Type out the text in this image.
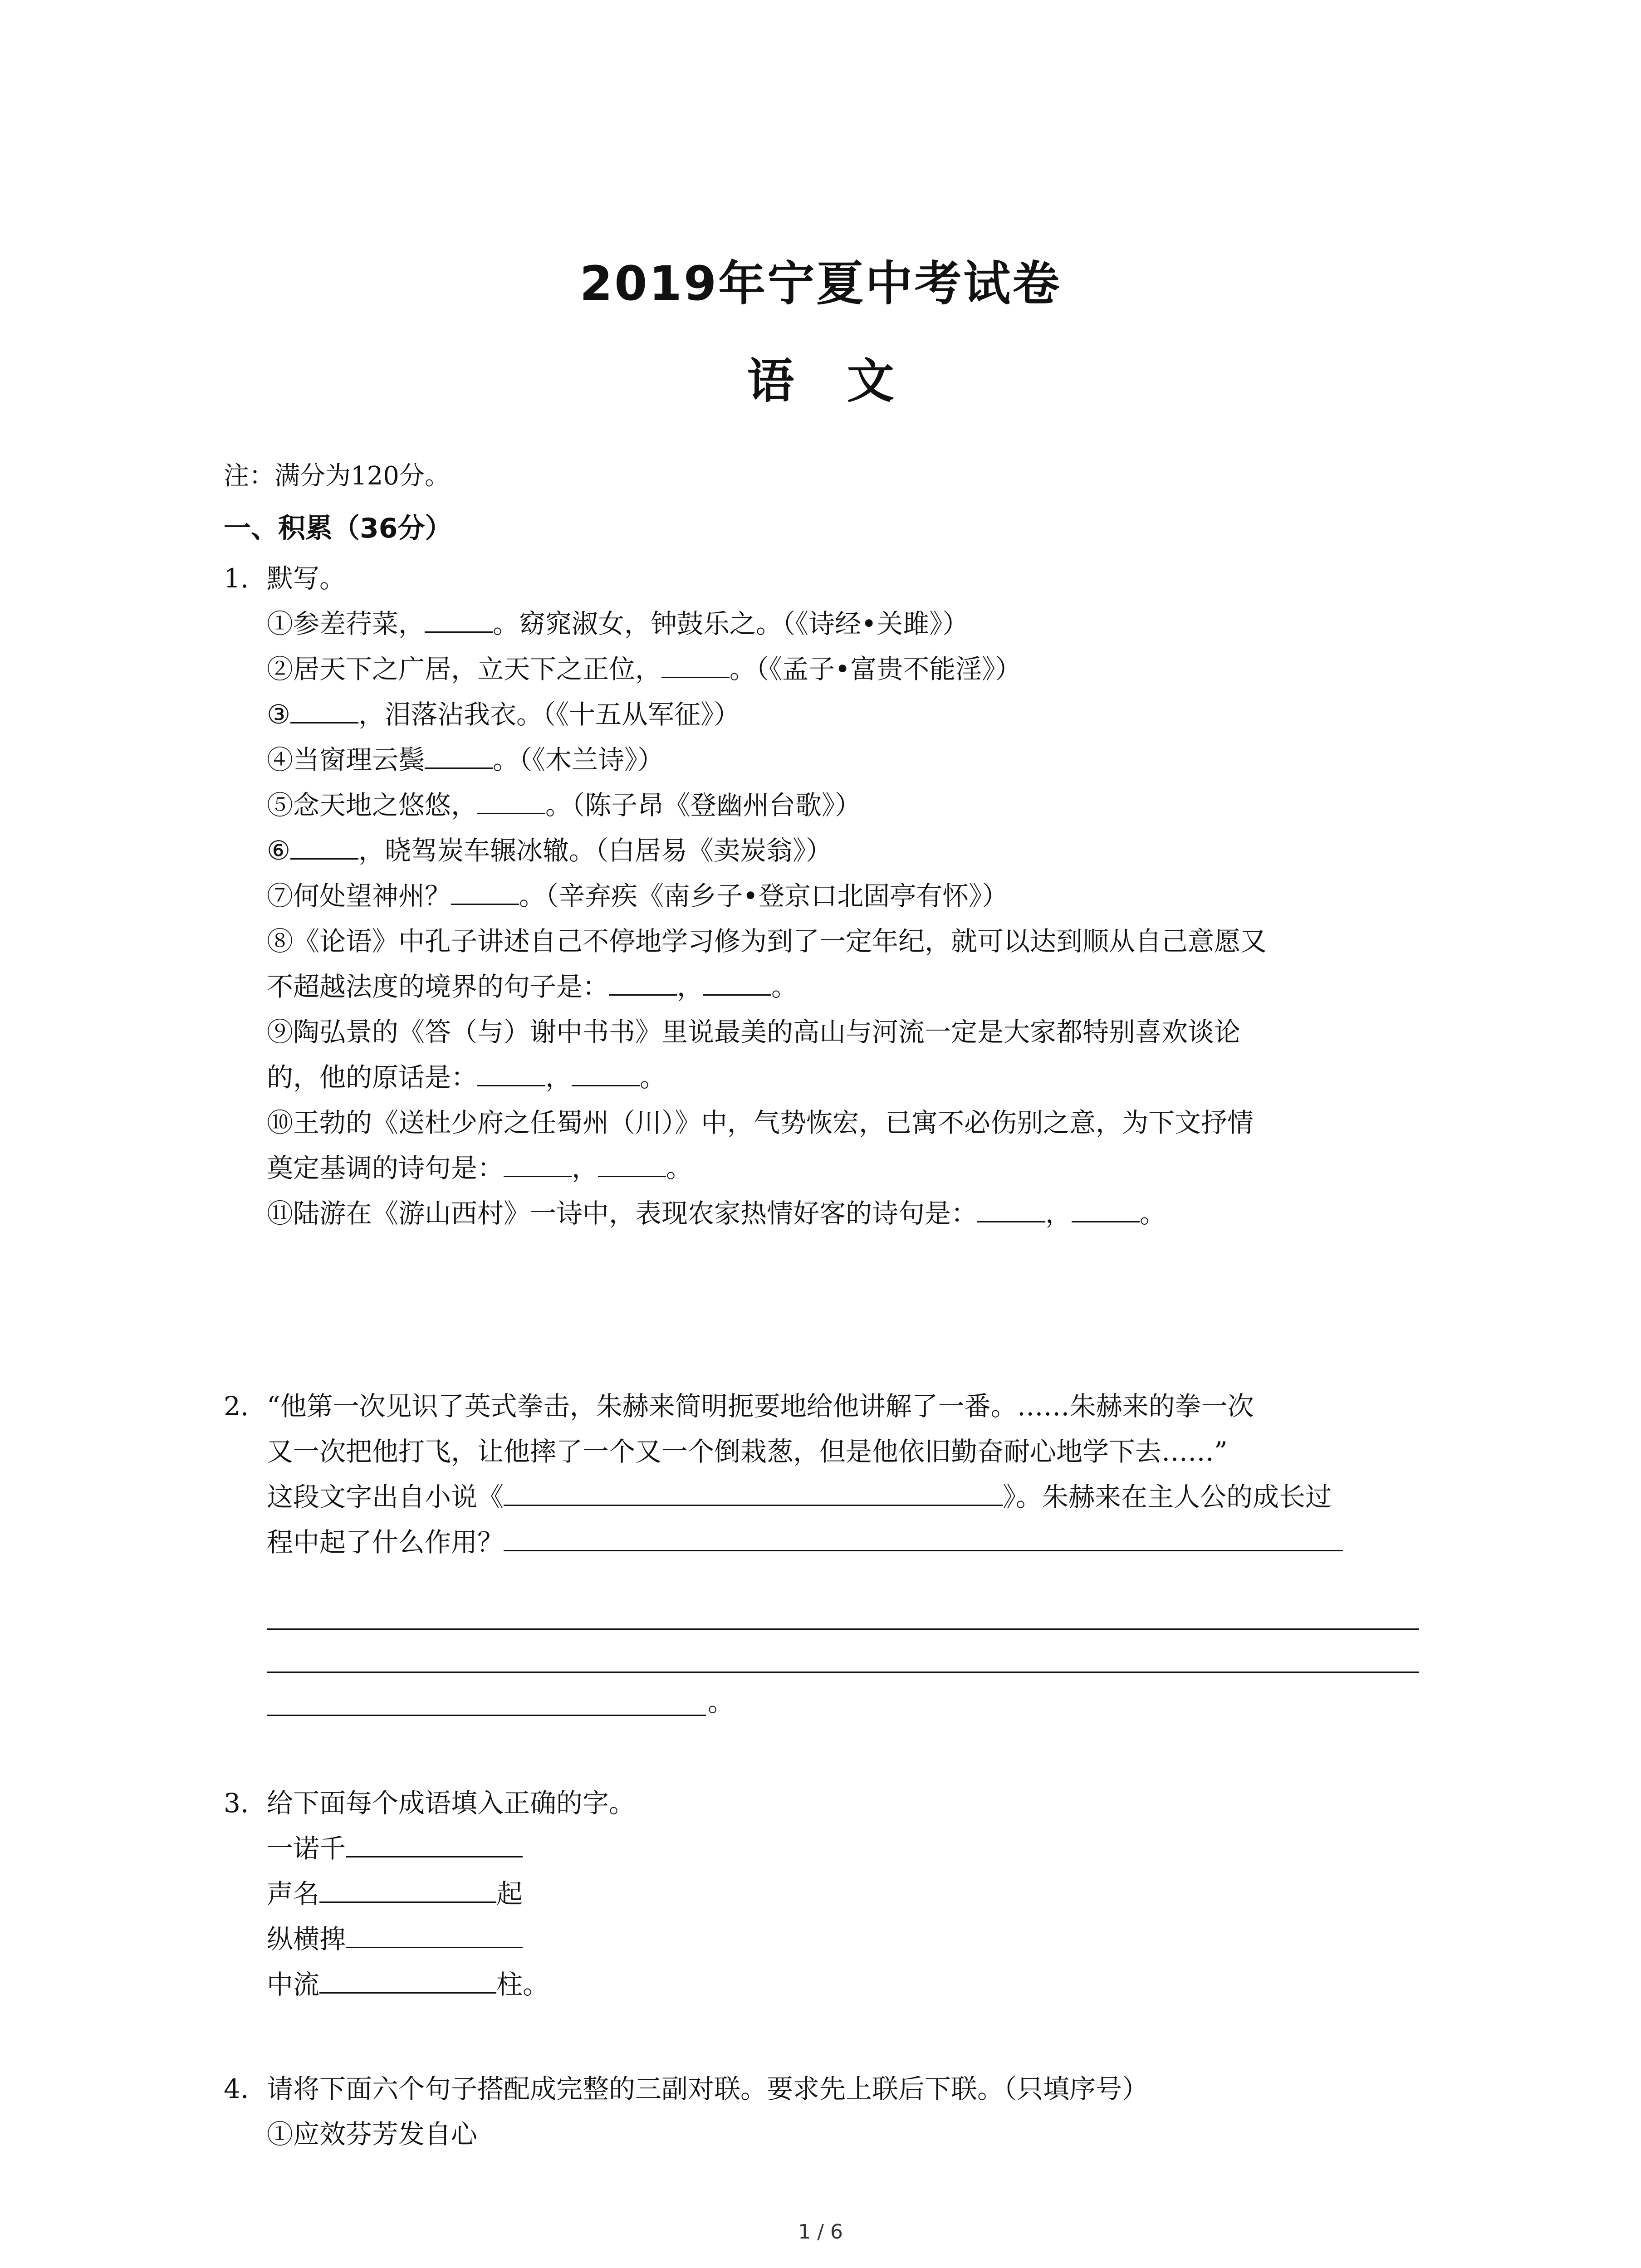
2019年宁夏中考试卷
语 文
注：满分为120分。
一、积累（36分）
1. 默写。
①参差荇菜，	。窈窕淑女，钟鼓乐之。（《诗经•关雎》）
②居天下之广居，立天下之正位，	。（《孟子•富贵不能淫》）
③	，泪落沾我衣。（《十五从军征》）
④当窗理云鬓	。（《木兰诗》）
⑤念天地之悠悠，	。（陈子昂《登幽州台歌》）
⑥	，晓驾炭车辗冰辙。（白居易《卖炭翁》）
⑦何处望神州？	。（辛弃疾《南乡子•登京口北固亭有怀》）
⑧《论语》中孔子讲述自己不停地学习修为到了一定年纪，就可以达到顺从自己意愿又
不超越法度的境界的句子是：	，	。
⑨陶弘景的《答（与）谢中书书》里说最美的高山与河流一定是大家都特别喜欢谈论
的，他的原话是：	，	。
⑩王勃的《送杜少府之任蜀州（川）》中，气势恢宏，已寓不必伤别之意，为下文抒情
奠定基调的诗句是：	，	。
⑪陆游在《游山西村》一诗中，表现农家热情好客的诗句是：	，	。
2. “他第一次见识了英式拳击，朱赫来简明扼要地给他讲解了一番。……朱赫来的拳一次
又一次把他打飞，让他摔了一个又一个倒栽葱，但是他依旧勤奋耐心地学下去……”
这段文字出自小说《	》。朱赫来在主人公的成长过
程中起了什么作用？
。
3. 给下面每个成语填入正确的字。
一诺千
声名	起
纵横捭
中流	柱。
4. 请将下面六个句子搭配成完整的三副对联。要求先上联后下联。（只填序号）
①应效芬芳发自心
1 / 6
